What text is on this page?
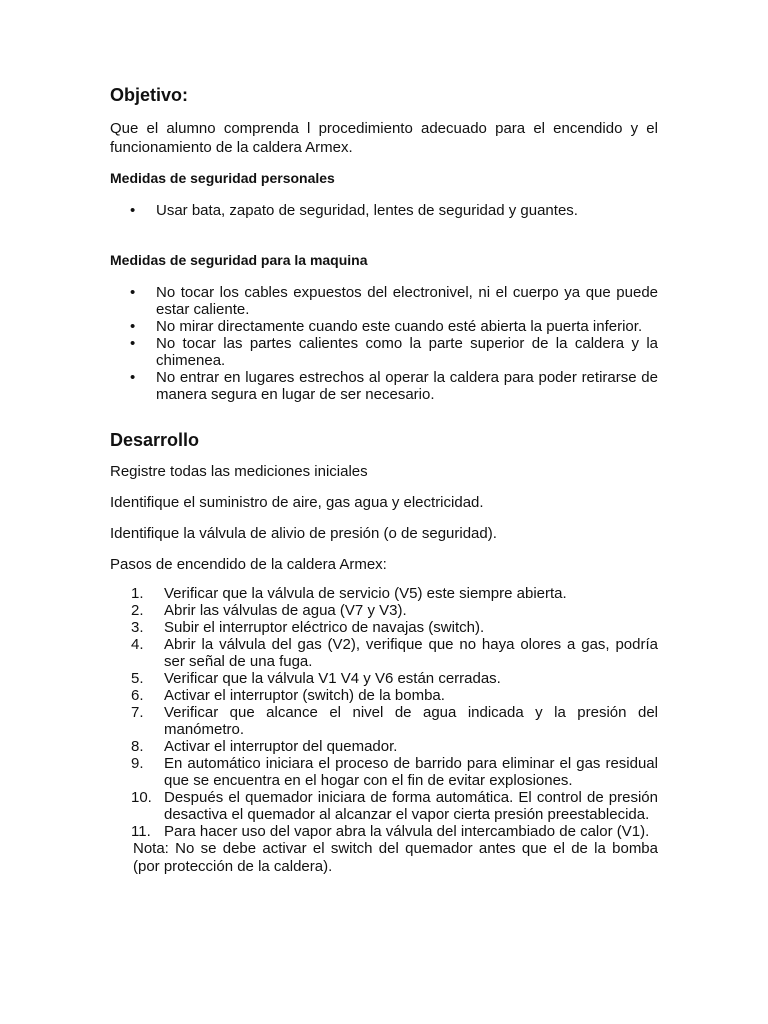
Objetivo:

Que el alumno comprenda l procedimiento adecuado para el encendido y el funcionamiento de la caldera Armex.

Medidas de seguridad personales

• Usar bata, zapato de seguridad, lentes de seguridad y guantes.

Medidas de seguridad para la maquina

• No tocar los cables expuestos del electronivel, ni el cuerpo ya que puede estar caliente.
• No mirar directamente cuando este cuando esté abierta la puerta inferior.
• No tocar las partes calientes como la parte superior de la caldera y la chimenea.
• No entrar en lugares estrechos al operar la caldera para poder retirarse de manera segura en lugar de ser necesario.
Desarrollo

Registre todas las mediciones iniciales

Identifique el suministro de aire, gas agua y electricidad.

Identifique la válvula de alivio de presión (o de seguridad).

Pasos de encendido de la caldera Armex:

1. Verificar que la válvula de servicio (V5) este siempre abierta.
2. Abrir las válvulas de agua (V7 y V3).
3. Subir el interruptor eléctrico de navajas (switch).
4. Abrir la válvula del gas (V2), verifique que no haya olores a gas, podría ser señal de una fuga.
5. Verificar que la válvula V1 V4 y V6 están cerradas.
6. Activar el interruptor (switch) de la bomba.
7. Verificar que alcance el nivel de agua indicada y la presión del manómetro.
8. Activar el interruptor del quemador.
9. En automático iniciara el proceso de barrido para eliminar el gas residual que se encuentra en el hogar con el fin de evitar explosiones.
10. Después el quemador iniciara de forma automática. El control de presión desactiva el quemador al alcanzar el vapor cierta presión preestablecida.
11. Para hacer uso del vapor abra la válvula del intercambiado de calor (V1).

Nota: No se debe activar el switch del quemador antes que el de la bomba (por protección de la caldera).
